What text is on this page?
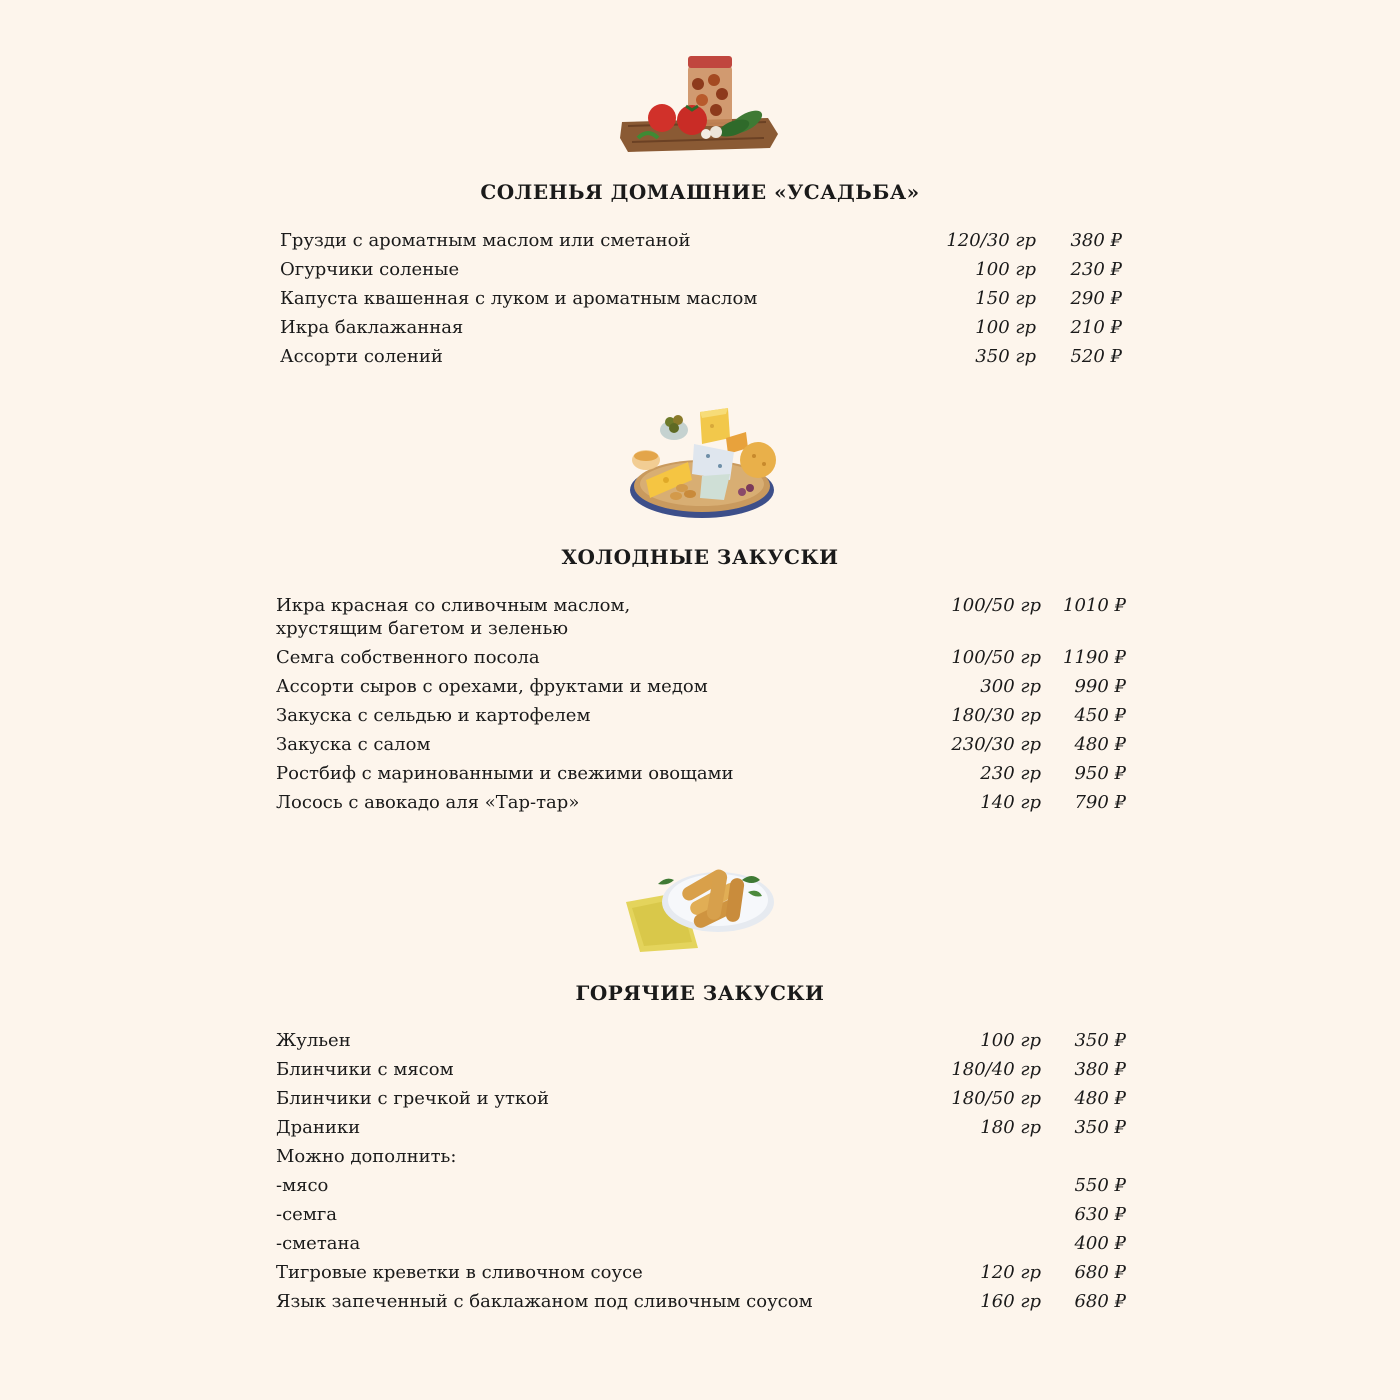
СОЛЕНЬЯ ДОМАШНИЕ «УСАДЬБА»
Грузди с ароматным маслом или сметаной	120/30 гр 380 ₽
Огурчики соленые	100 гр 230 ₽
Капуста квашенная с луком и ароматным маслом	150 гр 290 ₽
Икра баклажанная	100 гр 210 ₽
Ассорти солений	350 гр 520 ₽
ХОЛОДНЫЕ ЗАКУСКИ
Икра красная со сливочным маслом,
хрустящим багетом и зеленью
100/50 гр 1010 ₽
Семга собственного посола	100/50 гр 1190 ₽
Ассорти сыров с орехами, фруктами и медом	300 гр 990 ₽
Закуска с сельдью и картофелем	180/30 гр 450 ₽
Закуска с салом	230/30 гр 480 ₽
Ростбиф с маринованными и свежими овощами	230 гр 950 ₽
Лосось с авокадо аля «Тар-тар»	140 гр 790 ₽
ГОРЯЧИЕ ЗАКУСКИ
Жульен	100 гр 350 ₽
Блинчики с мясом	180/40 гр 380 ₽
Блинчики с гречкой и уткой	180/50 гр 480 ₽
Драники	180 гр 350 ₽
Можно дополнить:
-мясо	550 ₽
-семга	630 ₽
-сметана	400 ₽
Тигровые креветки в сливочном соусе	120 гр 680 ₽
Язык запеченный с баклажаном под сливочным соусом	160 гр 680 ₽
